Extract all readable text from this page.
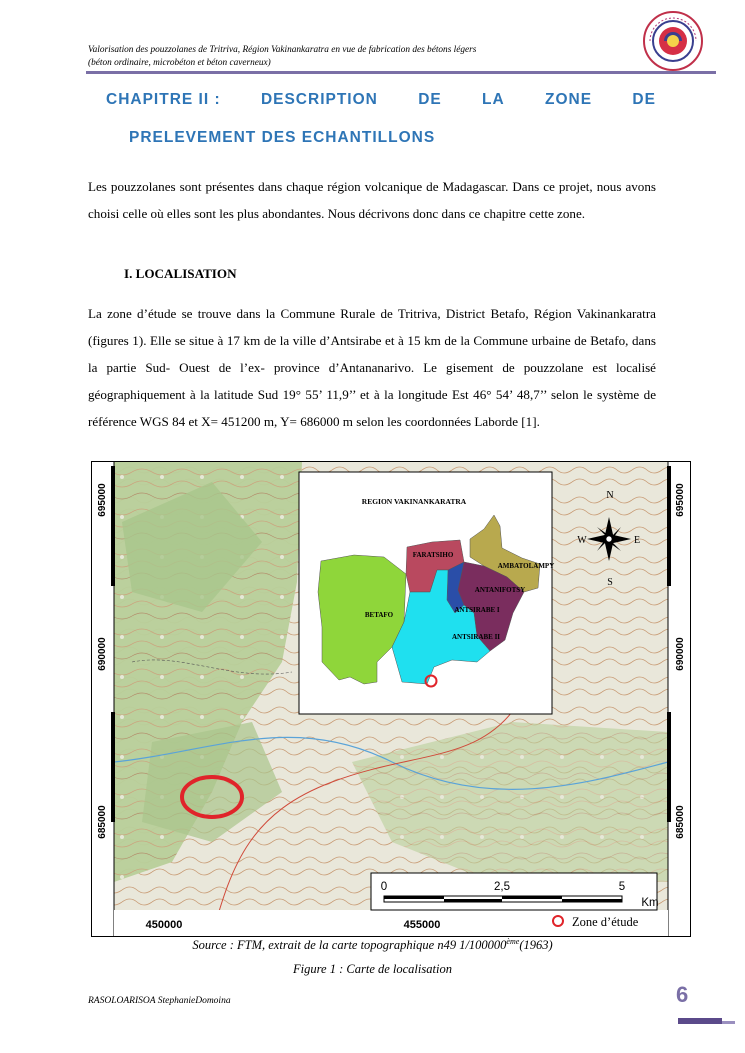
Valorisation des pouzzolanes de Tritriva, Région Vakinankaratra en vue de fabrication des bétons légers
(béton ordinaire, microbéton et béton caverneux)
CHAPITRE II :	DESCRIPTION	DE	LA	ZONE	DE
PRELEVEMENT DES ECHANTILLONS
Les pouzzolanes sont présentes dans chaque région volcanique de Madagascar. Dans ce projet, nous avons choisi celle où elles sont les plus abondantes. Nous décrivons donc dans ce chapitre cette zone.
I. LOCALISATION
La zone d’étude se trouve dans la Commune Rurale de Tritriva, District Betafo, Région Vakinankaratra (figures 1). Elle se situe à 17 km de la ville d’Antsirabe et à 15 km de la Commune urbaine de Betafo, dans la partie Sud- Ouest de l’ex- province d’Antananarivo. Le gisement de pouzzolane est localisé géographiquement à la latitude Sud 19° 55’ 11,9’’ et à la longitude Est 46° 54’ 48,7’’ selon le système de référence WGS 84 et X= 451200 m, Y= 686000 m selon les coordonnées Laborde [1].
695000
690000
685000
695000
690000
685000
450000	455000
REGION VAKINANKARATRA
FARATSIHO
AMBATOLAMPY
ANTANIFOTSY
ANTSIRABE I
BETAFO
ANTSIRABE II
N
S
E
W
0	2,5	5
Km
Zone d’étude
Source : FTM, extrait de la carte topographique n49 1/100000ème(1963)
Figure 1 : Carte de localisation
RASOLOARISOA StephanieDomoina	6
